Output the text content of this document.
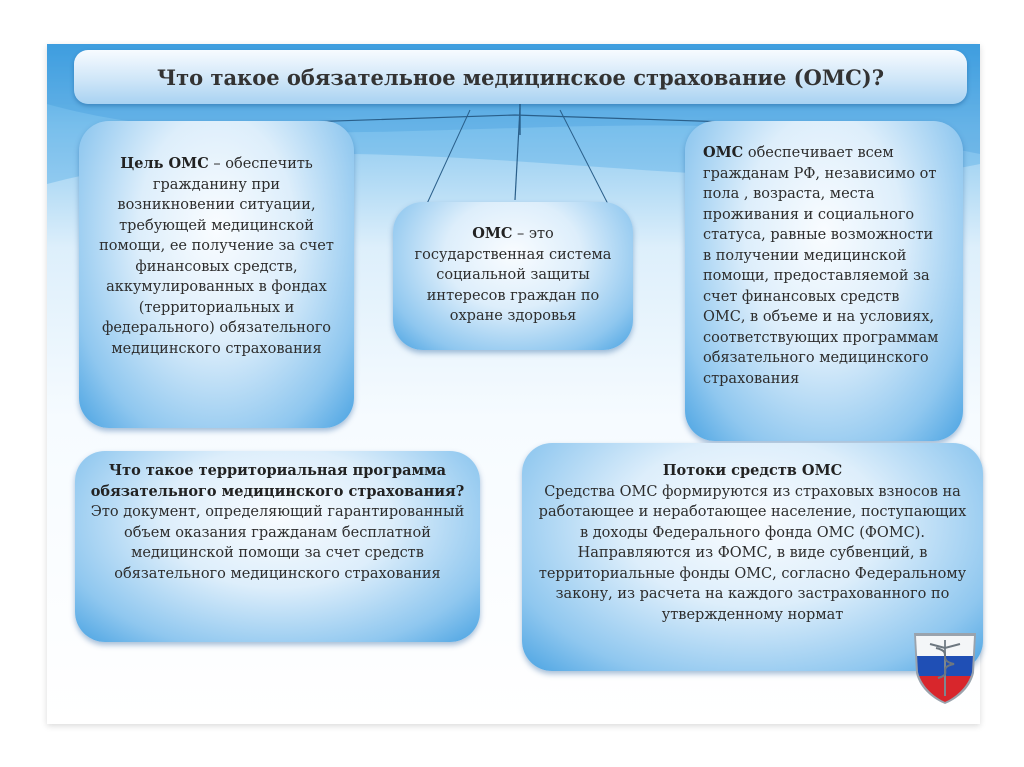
Что такое обязательное медицинское страхование (ОМС)?

Цель ОМС – обеспечить гражданину при возникновении ситуации, требующей медицинской помощи, ее получение за счет финансовых средств, аккумулированных в фондах (территориальных и федерального) обязательного медицинского страхования

ОМС – это государственная система социальной защиты интересов граждан по охране здоровья

ОМС обеспечивает всем гражданам РФ, независимо от пола , возраста, места проживания и социального статуса, равные возможности в получении медицинской помощи, предоставляемой за счет финансовых средств ОМС, в объеме и на условиях, соответствующих программам обязательного медицинского страхования

Что такое территориальная программа обязательного медицинского страхования?

Это документ, определяющий гарантированный объем оказания гражданам бесплатной медицинской помощи за счет средств обязательного медицинского страхования

Потоки средств ОМС

Средства ОМС формируются из страховых взносов на работающее и неработающее население, поступающих в доходы Федерального фонда ОМС (ФОМС).

Направляются из ФОМС, в виде субвенций, в территориальные фонды ОМС, согласно Федеральному закону, из расчета на каждого застрахованного по утвержденному нормат
